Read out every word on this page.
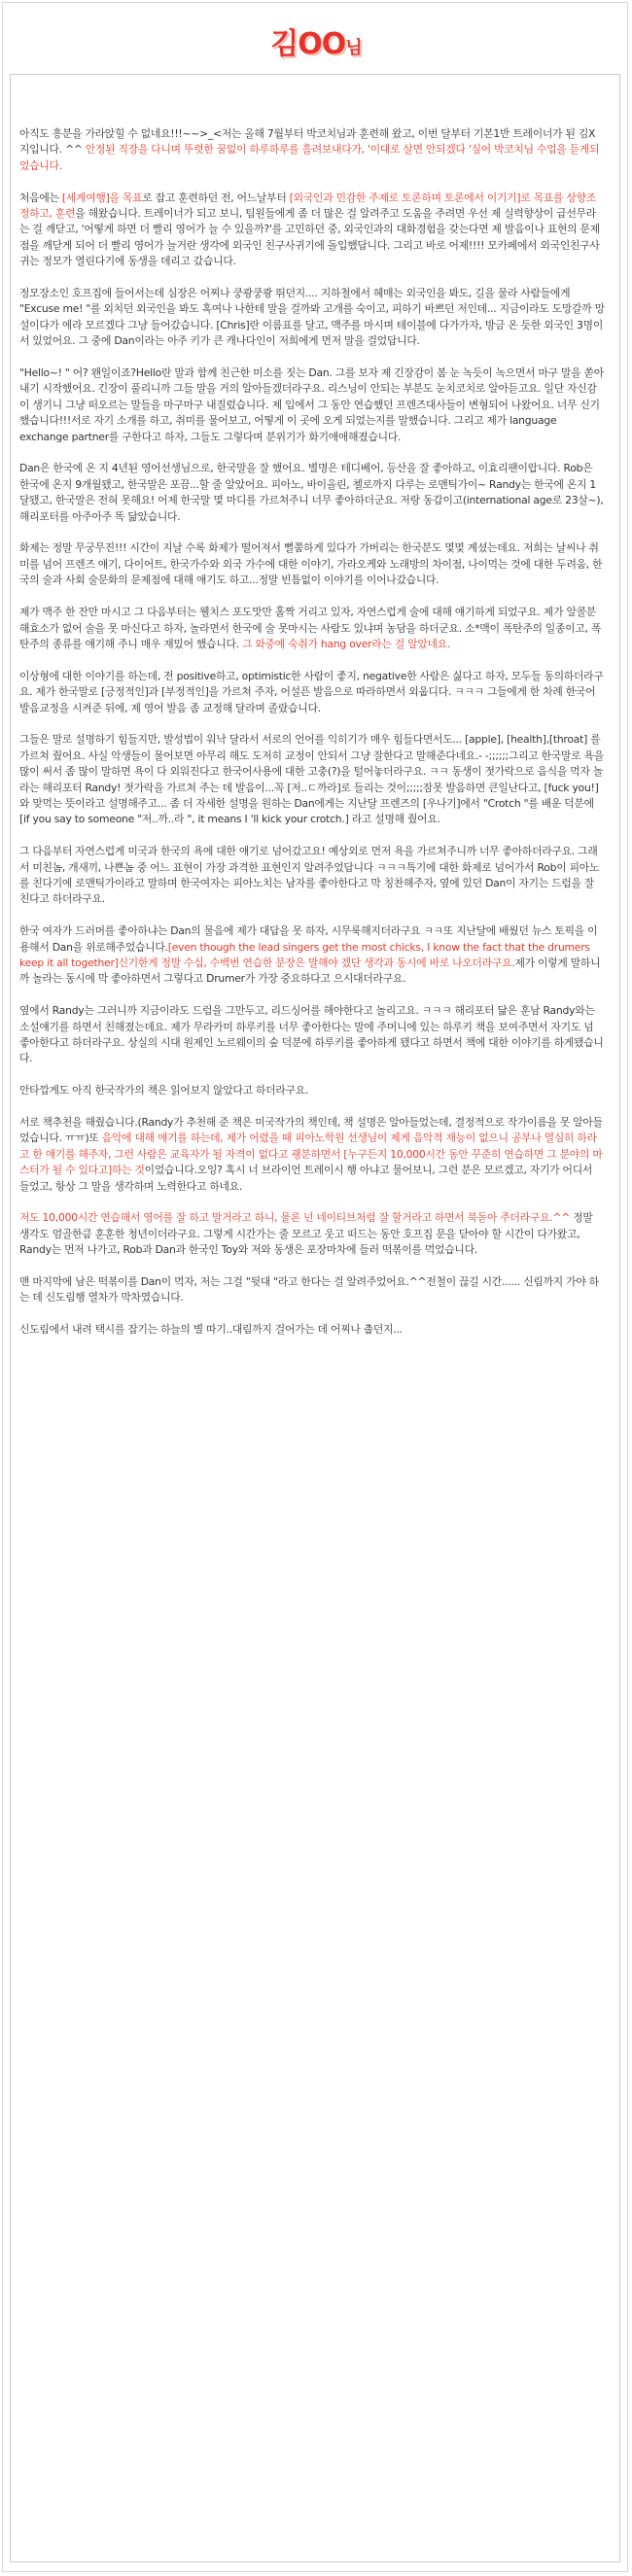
김OO님

아직도 흥분을 가라앉힐 수 없네요!!!~~>_<저는 올해 7월부터 박코치님과 훈련해 왔고, 이번 달부터 기본1반 트레이너가 된 김X지입니다. ^^ 안정된 직장을 다니며 뚜렷한 꿈없이 하루하루를 흘려보내다가, '이대로 살면 안되겠다 '싶어 박코치님 수업을 듣게되었습니다.

처음에는 [세계여행]을 목표로 잡고 훈련하던 전, 어느날부터 [외국인과 민감한 주제로 토론하며 토론에서 이기기]로 목표를 상향조정하고, 훈련을 해왔습니다. 트레이너가 되고 보니, 팀원들에게 좀 더 많은 걸 알려주고 도움을 주려면 우선 제 실력향상이 급선무라는 걸 깨닫고, '어떻게 하면 더 빨리 영어가 늘 수 있을까?'를 고민하던 중, 외국인과의 대화경험을 갖는다면 제 발음이나 표현의 문제점을 깨닫게 되어 더 빨리 영어가 늘거란 생각에 외국인 친구사귀기에 돌입했답니다. 그리고 바로 어제!!!! 모카페에서 외국인친구사귀는 정모가 열린다기에 동생을 데리고 갔습니다.

정모장소인 호프집에 들어서는데 심장은 어찌나 쿵쾅쿵쾅 뛰던지.... 지하철에서 혜매는 외국인을 봐도, 길을 물라 사람들에게 "Excuse me! "를 외치던 외국인을 봐도 혹여나 나한테 말을 걸까봐 고개를 숙이고, 피하기 바쁘던 저인데... 지금이라도 도망갈까 망설이다가 에라 모르겠다 그냥 들어갔습니다. [Chris]란 이름표를 달고, 맥주를 마시며 테이블에 다가가자, 방금 온 듯한 외국인 3명이 서 있었어요. 그 중에 Dan이라는 아주 키가 큰 캐나다인이 저희에게 먼저 말을 걸었답니다.

"Hello~! " 어? 왠일이죠?Hello란 말과 함께 친근한 미소를 짓는 Dan. 그를 보자 제 긴장감이 봄 눈 녹듯이 녹으면서 마구 말을 쏟아내기 시작했어요. 긴장이 풀리니까 그들 말을 거의 알아들겠더라구요. 리스닝이 안되는 부분도 눈치코치로 알아듣고요. 일단 자신감이 생기니 그냥 떠오르는 말들을 마구마구 내질렀습니다. 제 입에서 그 동안 연습했던 프렌즈대사들이 변형되어 나왔어요. 너무 신기했습니다!!!서로 자기 소개를 하고, 취미를 물어보고, 어떻게 이 곳에 오게 되었는지를 말했습니다. 그리고 제가 language exchange partner를 구한다고 하자, 그들도 그렇다며 분위기가 화기애애해졌습니다.

Dan은 한국에 온 지 4년된 영어선생님으로, 한국말을 잘 했어요. 별명은 테디베어, 등산을 잘 좋아하고, 이효리팬이랍니다. Rob은 한국에 온지 9개월됐고, 한국말은 포끔...할 줄 알았어요. 피아노, 바이올린, 첼로까지 다루는 로맨틱가이~ Randy는 한국에 온지 1달됐고, 한국말은 전혀 못해요! 어제 한국말 몇 마디를 가르쳐주니 너무 좋아하더군요. 저랑 동갑이고(international age로 23살~), 해리포터를 아주아주 똑 닮았습니다.

화제는 정말 무궁무진!!! 시간이 지날 수록 화제가 떨어져서 뻘쭘하게 있다가 가버리는 한국분도 몇몇 계셨는데요. 저희는 날씨나 취미를 넘어 프렌즈 얘기, 다이어트, 한국가수와 외국 가수에 대한 이야기, 가라오케와 노래방의 차이점, 나이먹는 것에 대한 두려움, 한국의 술과 사회 술문화의 문제점에 대해 얘기도 하고...정말 빈틈없이 이야기를 이어나갔습니다.

제가 맥주 한 잔만 마시고 그 다음부터는 웰치스 포도맛만 홀짝 거리고 있자, 자연스럽게 술에 대해 얘기하게 되었구요. 제가 알콜분해효소가 없어 술을 못 마신다고 하자, 놀라면서 한국에 술 못마시는 사람도 있냐며 농담을 하더군요. 소*맥이 폭탄주의 일종이고, 폭탄주의 종류를 얘기해 주니 매우 재밌어 했습니다. 그 와중에 숙취가 hang over라는 걸 알았네요.

이상형에 대한 이야기를 하는데, 전 positive하고, optimistic한 사람이 좋지, negative한 사람은 싫다고 하자, 모두들 동의하더라구요. 제가 한국말로 [긍정적인]과 [부정적인]을 가르쳐 주자, 어설픈 발음으로 따라하면서 외웁디다. ㅋㅋㅋ 그들에게 한 차례 한국어 발음교정을 시켜준 뒤에, 제 영어 발음 좀 교정해 달라며 졸랐습니다.

그들은 말로 설명하기 힘들지만, 발성법이 워낙 달라서 서로의 언어를 익히기가 매우 힘들다면서도... [apple], [health],[throat] 를 가르쳐 줬어요. 사실 악생들이 물어보면 아무리 해도 도저히 교정이 안되서 그냥 잘한다고 말해준다네요.- -;;;;;;그리고 한국말로 욕을 많이 써서 좀 많이 말하면 욕이 다 외워진다고 한국어사용에 대한 고충(?)을 털어놓더라구요. ㅋㅋ 동생이 젓가락으로 음식을 먹자 놀라는 해리포터 Randy! 젓가락을 가르쳐 주는 데 발음이...꼭 [저..ㄷ까라]로 들리는 것이;;;;;잠못 발음하면 큰일난다고, [fuck you!]와 맞먹는 뜻이라고 설명해주고... 좀 더 자세한 설명을 원하는 Dan에게는 지난달 프렌즈의 [우나기]에서 "Crotch "를 배운 덕분에 [if you say to someone "저..까..라 ", it means I 'll kick your crotch.] 라고 설명해 줬어요.

그 다음부터 자연스럽게 미국과 한국의 욕에 대한 얘기로 넘어갔고요! 예상외로 먼저 욕을 가르쳐주니까 너무 좋아하더라구요. 그래서 미친놈, 개새끼, 나쁜놈 중 어느 표현이 가장 과격한 표현인지 알려주었답니다 ㅋㅋㅋ특기에 대한 화제로 넘어가서 Rob이 피아노를 친다기에 로맨틱가이라고 말하며 한국여자는 피아노치는 남자를 좋아한다고 막 칭찬해주자, 옆에 있던 Dan이 자기는 드럼을 잘 친다고 하더라구요.

한국 여자가 드러머를 좋아하냐는 Dan의 물음에 제가 대답을 못 하자, 시무룩해지더라구요 ㅋㅋ또 지난달에 배웠던 뉴스 토픽을 이용해서 Dan을 위로해주었습니다.[even though the lead singers get the most chicks, I know the fact that the drumers keep it all together]신기한게 정말 수십, 수백번 연습한 문장은 말해야 겠단 생각과 동시에 바로 나오더라구요.제가 이렇게 말하니까 놀라는 동시에 막 좋아하면서 그렇다고 Drumer가 가장 중요하다고 으시대더라구요.

옆에서 Randy는 그러니까 지금이라도 드럼을 그만두고, 리드싱어를 해야한다고 놀리고요. ㅋㅋㅋ 해리포터 닮은 훈남 Randy와는 소설얘기를 하면서 친해졌는데요. 제가 무라카미 하루키를 너무 좋아한다는 말에 주머니에 있는 하루키 책을 보여주면서 자기도 넘 좋아한다고 하더라구요. 상실의 시대 원제인 노르웨이의 숲 덕분에 하루키를 좋아하게 됐다고 하면서 책에 대한 이야기를 하게됐습니다.

안타깝게도 아직 한국작가의 책은 읽어보지 않았다고 하더라구요.

서로 책추천을 해줬습니다.(Randy가 추천해 준 책은 미국작가의 책인데, 책 설명은 알아들었는데, 결정적으로 작가이름을 못 알아들었습니다. ㅠㅠ)또 음악에 대해 얘기를 하는데, 제가 어렸을 때 피아노학원 선생님이 제게 음악적 재능이 없으니 공부나 열심히 하라고 한 얘기를 해주자, 그런 사람은 교육자가 될 자격이 없다고 괭분하면서 [누구든지 10,000시간 동안 꾸준히 연습하면 그 분야의 마스터가 될 수 있다고]하는 것이었습니다.오잉? 혹시 너 브라이언 트레이시 행 아냐고 물어보니, 그런 분은 모르겠고, 자기가 어디서 들었고, 항상 그 말을 생각하며 노력한다고 하네요.

저도 10,000시간 연습해서 영어를 잘 하고 말거라고 하니, 물론 넌 네이티브처럼 잘 할거라고 하면서 북돋아 주더라구요.^^ 정말 생각도 엄골한큼 훈훈한 청년이더라구요. 그렇게 시간가는 줄 모르고 웃고 떠드는 동안 호프집 문을 닫아야 할 시간이 다가왔고, Randy는 먼저 나가고, Rob과 Dan과 한국인 Toy와 저와 동생은 포장마차에 들러 떡볶이를 먹었습니다.

맨 마지막에 남은 떡볶이를 Dan이 먹자, 저는 그걸 "뒷대 "라고 한다는 걸 알려주었어요.^^전철이 끊길 시간...... 신림까지 가야 하는 데 신도림행 열차가 막차였습니다.

신도림에서 내려 택시를 잡기는 하늘의 별 따기..대림까지 걸어가는 데 어찌나 춥던지...
